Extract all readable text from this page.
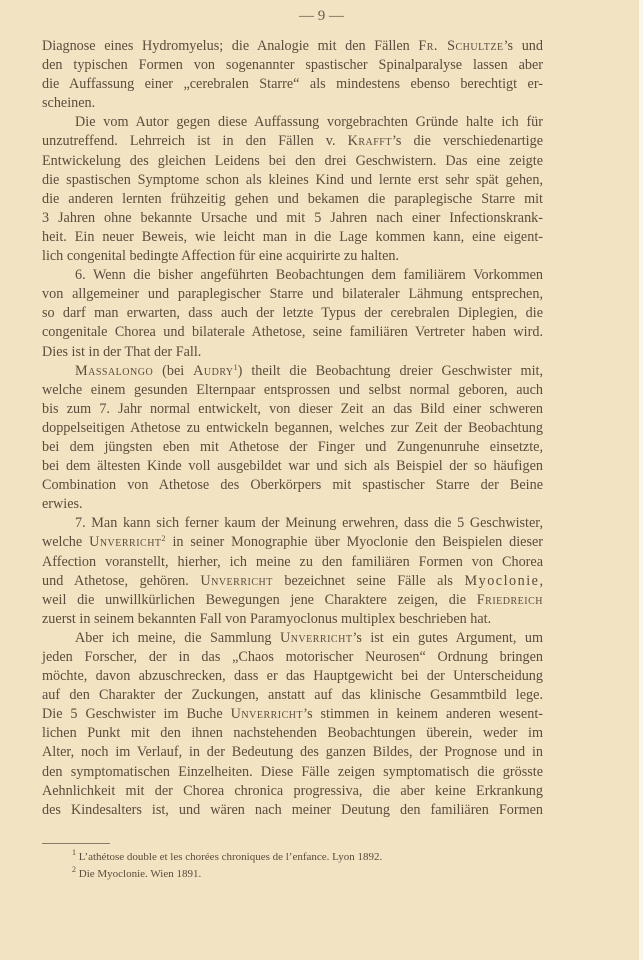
— 9 —
Diagnose eines Hydromyelus; die Analogie mit den Fällen Fr. Schultze’s und
den typischen Formen von sogenannter spastischer Spinalparalyse lassen aber
die Auffassung einer „cerebralen Starre“ als mindestens ebenso berechtigt er-
scheinen.
Die vom Autor gegen diese Auffassung vorgebrachten Gründe halte ich für
unzutreffend. Lehrreich ist in den Fällen v. Krafft’s die verschiedenartige
Entwickelung des gleichen Leidens bei den drei Geschwistern. Das eine zeigte
die spastischen Symptome schon als kleines Kind und lernte erst sehr spät gehen,
die anderen lernten frühzeitig gehen und bekamen die paraplegische Starre mit
3 Jahren ohne bekannte Ursache und mit 5 Jahren nach einer Infectionskrank-
heit. Ein neuer Beweis, wie leicht man in die Lage kommen kann, eine eigent-
lich congenital bedingte Affection für eine acquirirte zu halten.
6. Wenn die bisher angeführten Beobachtungen dem familiärem Vorkommen
von allgemeiner und paraplegischer Starre und bilateraler Lähmung entsprechen,
so darf man erwarten, dass auch der letzte Typus der cerebralen Diplegien, die
congenitale Chorea und bilaterale Athetose, seine familiären Vertreter haben wird.
Dies ist in der That der Fall.
Massalongo (bei Audry$^1$) theilt die Beobachtung dreier Geschwister mit,
welche einem gesunden Elternpaar entsprossen und selbst normal geboren, auch
bis zum 7. Jahr normal entwickelt, von dieser Zeit an das Bild einer schweren
doppelseitigen Athetose zu entwickeln begannen, welches zur Zeit der Beobachtung
bei dem jüngsten eben mit Athetose der Finger und Zungenunruhe einsetzte,
bei dem ältesten Kinde voll ausgebildet war und sich als Beispiel der so häufigen
Combination von Athetose des Oberkörpers mit spastischer Starre der Beine
erwies.
7. Man kann sich ferner kaum der Meinung erwehren, dass die 5 Geschwister,
welche Unverricht$^2$ in seiner Monographie über Myoclonie den Beispielen dieser
Affection voranstellt, hierher, ich meine zu den familiären Formen von Chorea
und Athetose, gehören. Unverricht bezeichnet seine Fälle als Myoclonie,
weil die unwillkürlichen Bewegungen jene Charaktere zeigen, die Friedreich
zuerst in seinem bekannten Fall von Paramyoclonus multiplex beschrieben hat.
Aber ich meine, die Sammlung Unverricht’s ist ein gutes Argument, um
jeden Forscher, der in das „Chaos motorischer Neurosen“ Ordnung bringen
möchte, davon abzuschrecken, dass er das Hauptgewicht bei der Unterscheidung
auf den Charakter der Zuckungen, anstatt auf das klinische Gesammtbild lege.
Die 5 Geschwister im Buche Unverricht’s stimmen in keinem anderen wesent-
lichen Punkt mit den ihnen nachstehenden Beobachtungen überein, weder im
Alter, noch im Verlauf, in der Bedeutung des ganzen Bildes, der Prognose und in
den symptomatischen Einzelheiten. Diese Fälle zeigen symptomatisch die grösste
Aehnlichkeit mit der Chorea chronica progressiva, die aber keine Erkrankung
des Kindesalters ist, und wären nach meiner Deutung den familiären Formen
$^1$ L’athétose double et les chorées chroniques de l’enfance. Lyon 1892.
$^2$ Die Myoclonie. Wien 1891.
